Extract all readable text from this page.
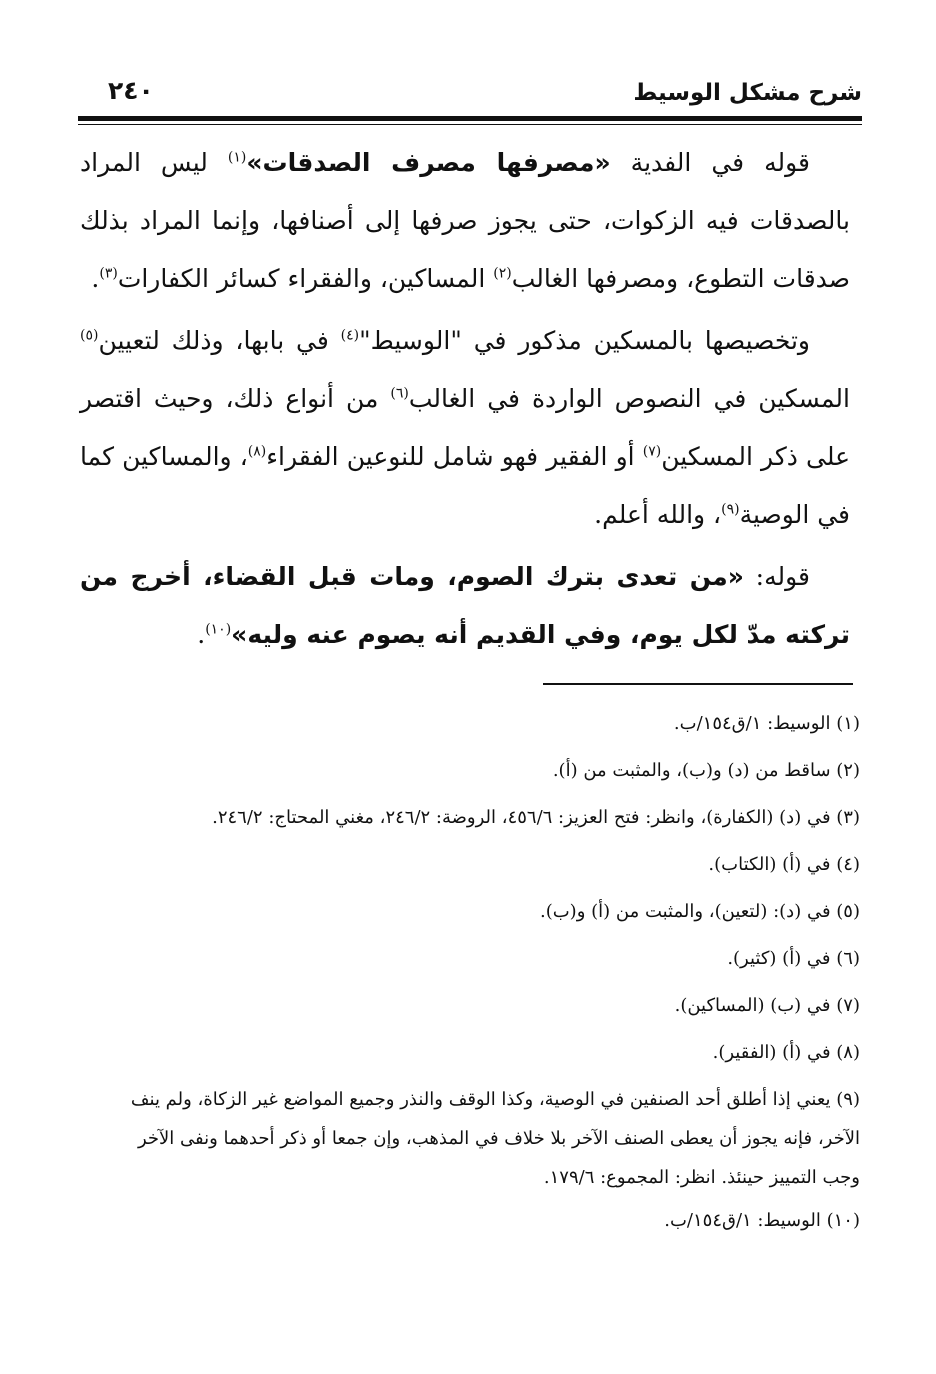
٢٤٠	شرح مشكل الوسيط

قوله في الفدية «مصرفها مصرف الصدقات»$^{(١)}$ ليس المراد بالصدقات فيه الزكوات، حتى يجوز صرفها إلى أصنافها، وإنما المراد بذلك صدقات التطوع، ومصرفها الغالب$^{(٢)}$ المساكين، والفقراء كسائر الكفارات$^{(٣)}$.

وتخصيصها بالمسكين مذكور في "الوسيط"$^{(٤)}$ في بابها، وذلك لتعيين$^{(٥)}$ المسكين في النصوص الواردة في الغالب$^{(٦)}$ من أنواع ذلك، وحيث اقتصر على ذكر المسكين$^{(٧)}$ أو الفقير فهو شامل للنوعين الفقراء$^{(٨)}$، والمساكين كما في الوصية$^{(٩)}$، والله أعلم.

قوله: «من تعدى بترك الصوم، ومات قبل القضاء، أخرج من تركته مدّ لكل يوم، وفي القديم أنه يصوم عنه وليه»$^{(١٠)}$.

(١) الوسيط: ١/ق١٥٤/ب.

(٢) ساقط من (د) و(ب)، والمثبت من (أ).

(٣) في (د) (الكفارة)، وانظر: فتح العزيز: ٤٥٦/٦، الروضة: ٢٤٦/٢، مغني المحتاج: ٢٤٦/٢.

(٤) في (أ) (الكتاب).

(٥) في (د): (لتعين)، والمثبت من (أ) و(ب).

(٦) في (أ) (كثير).

(٧) في (ب) (المساكين).

(٨) في (أ) (الفقير).

(٩) يعني إذا أطلق أحد الصنفين في الوصية، وكذا الوقف والنذر وجميع المواضع غير الزكاة، ولم ينف الآخر، فإنه يجوز أن يعطى الصنف الآخر بلا خلاف في المذهب، وإن جمعا أو ذكر أحدهما ونفى الآخر وجب التمييز حينئذ. انظر: المجموع: ١٧٩/٦.

(١٠) الوسيط: ١/ق١٥٤/ب.
